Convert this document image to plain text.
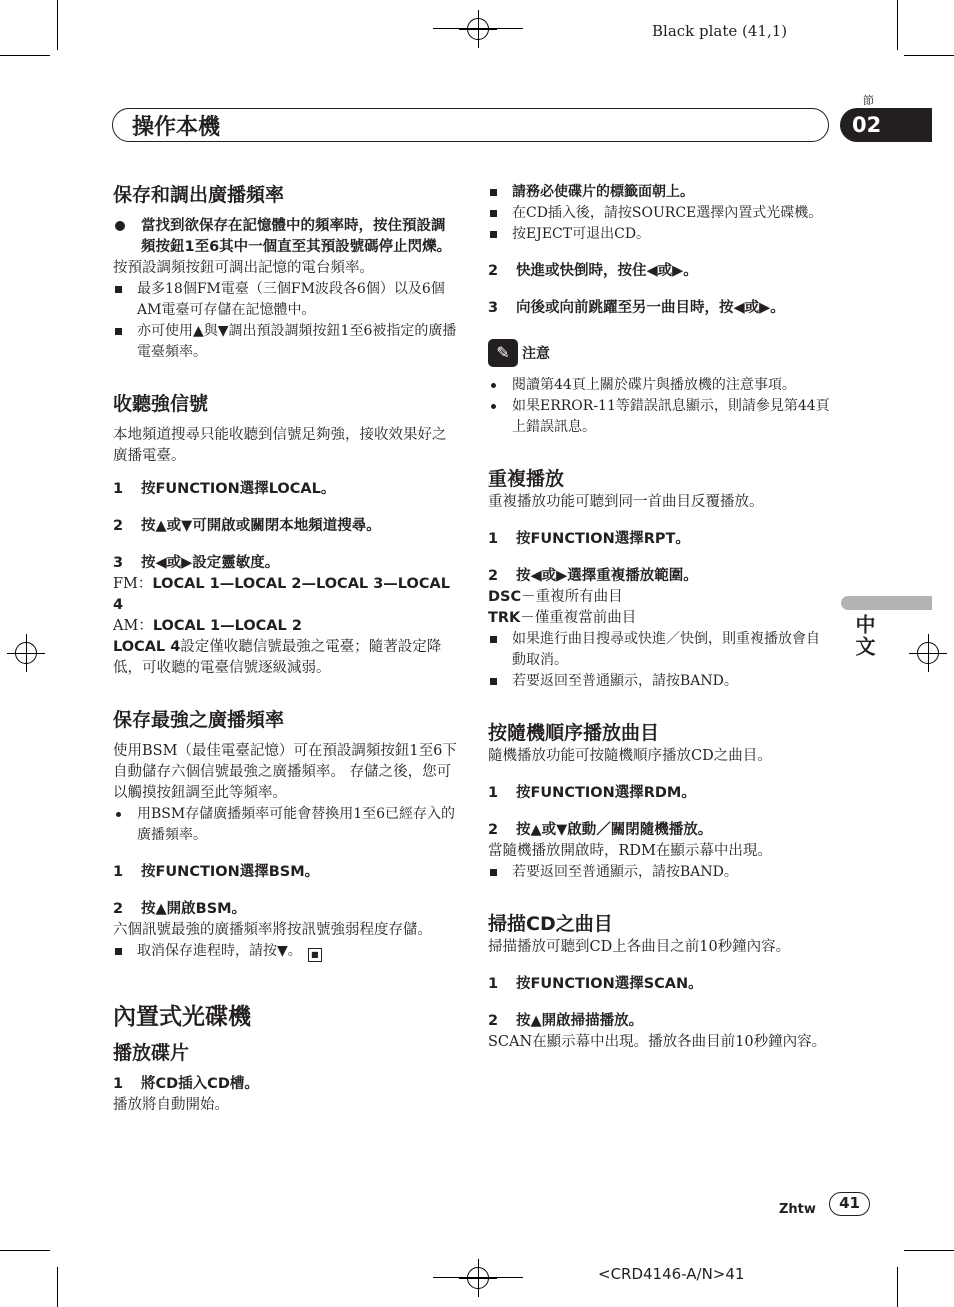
Black plate (41,1)
節
操作本機	02
中文
保存和調出廣播頻率

當找到欲保存在記憶體中的頻率時，按住預設調頻按鈕1至6其中一個直至其預設號碼停止閃爍。

按預設調頻按鈕可調出記憶的電台頻率。

最多18個FM電臺（三個FM波段各6個）以及6個AM電臺可存儲在記憶體中。

亦可使用▲與▼調出預設調頻按鈕1至6被指定的廣播電臺頻率。

收聽強信號

本地頻道搜尋只能收聽到信號足夠強，接收效果好之廣播電臺。

1 按FUNCTION選擇LOCAL。

2 按▲或▼可開啟或關閉本地頻道搜尋。

3 按◀或▶設定靈敏度。

FM：LOCAL 1—LOCAL 2—LOCAL 3—LOCAL 4

AM：LOCAL 1—LOCAL 2

LOCAL 4設定僅收聽信號最強之電臺；隨著設定降低，可收聽的電臺信號逐級減弱。

保存最強之廣播頻率

使用BSM（最佳電臺記憶）可在預設調頻按鈕1至6下自動儲存六個信號最強之廣播頻率。 存儲之後，您可以觸摸按鈕調至此等頻率。

用BSM存儲廣播頻率可能會替換用1至6已經存入的廣播頻率。

1 按FUNCTION選擇BSM。

2 按▲開啟BSM。

六個訊號最強的廣播頻率將按訊號強弱程度存儲。

取消保存進程時，請按▼。 ■

內置式光碟機
播放碟片

1 將CD插入CD槽。

播放將自動開始。

請務必使碟片的標籤面朝上。

在CD插入後，請按SOURCE選擇內置式光碟機。

按EJECT可退出CD。

2 快進或快倒時，按住◀或▶。

3 向後或向前跳躍至另一曲目時，按◀或▶。

✎ 注意

閱讀第44頁上關於碟片與播放機的注意事項。

如果ERROR-11等錯誤訊息顯示，則請參見第44頁上錯誤訊息。

重複播放

重複播放功能可聽到同一首曲目反覆播放。

1 按FUNCTION選擇RPT。

2 按◀或▶選擇重複播放範圍。

DSC－重複所有曲目

TRK－僅重複當前曲目

如果進行曲目搜尋或快進／快倒，則重複播放會自動取消。

若要返回至普通顯示，請按BAND。

按隨機順序播放曲目

隨機播放功能可按隨機順序播放CD之曲目。

1 按FUNCTION選擇RDM。

2 按▲或▼啟動／關閉隨機播放。

當隨機播放開啟時，RDM在顯示幕中出現。

若要返回至普通顯示，請按BAND。

掃描CD之曲目

掃描播放可聽到CD上各曲目之前10秒鐘內容。

1 按FUNCTION選擇SCAN。

2 按▲開啟掃描播放。

SCAN在顯示幕中出現。播放各曲目前10秒鐘內容。

Zhtw	41
<CRD4146-A/N>41
